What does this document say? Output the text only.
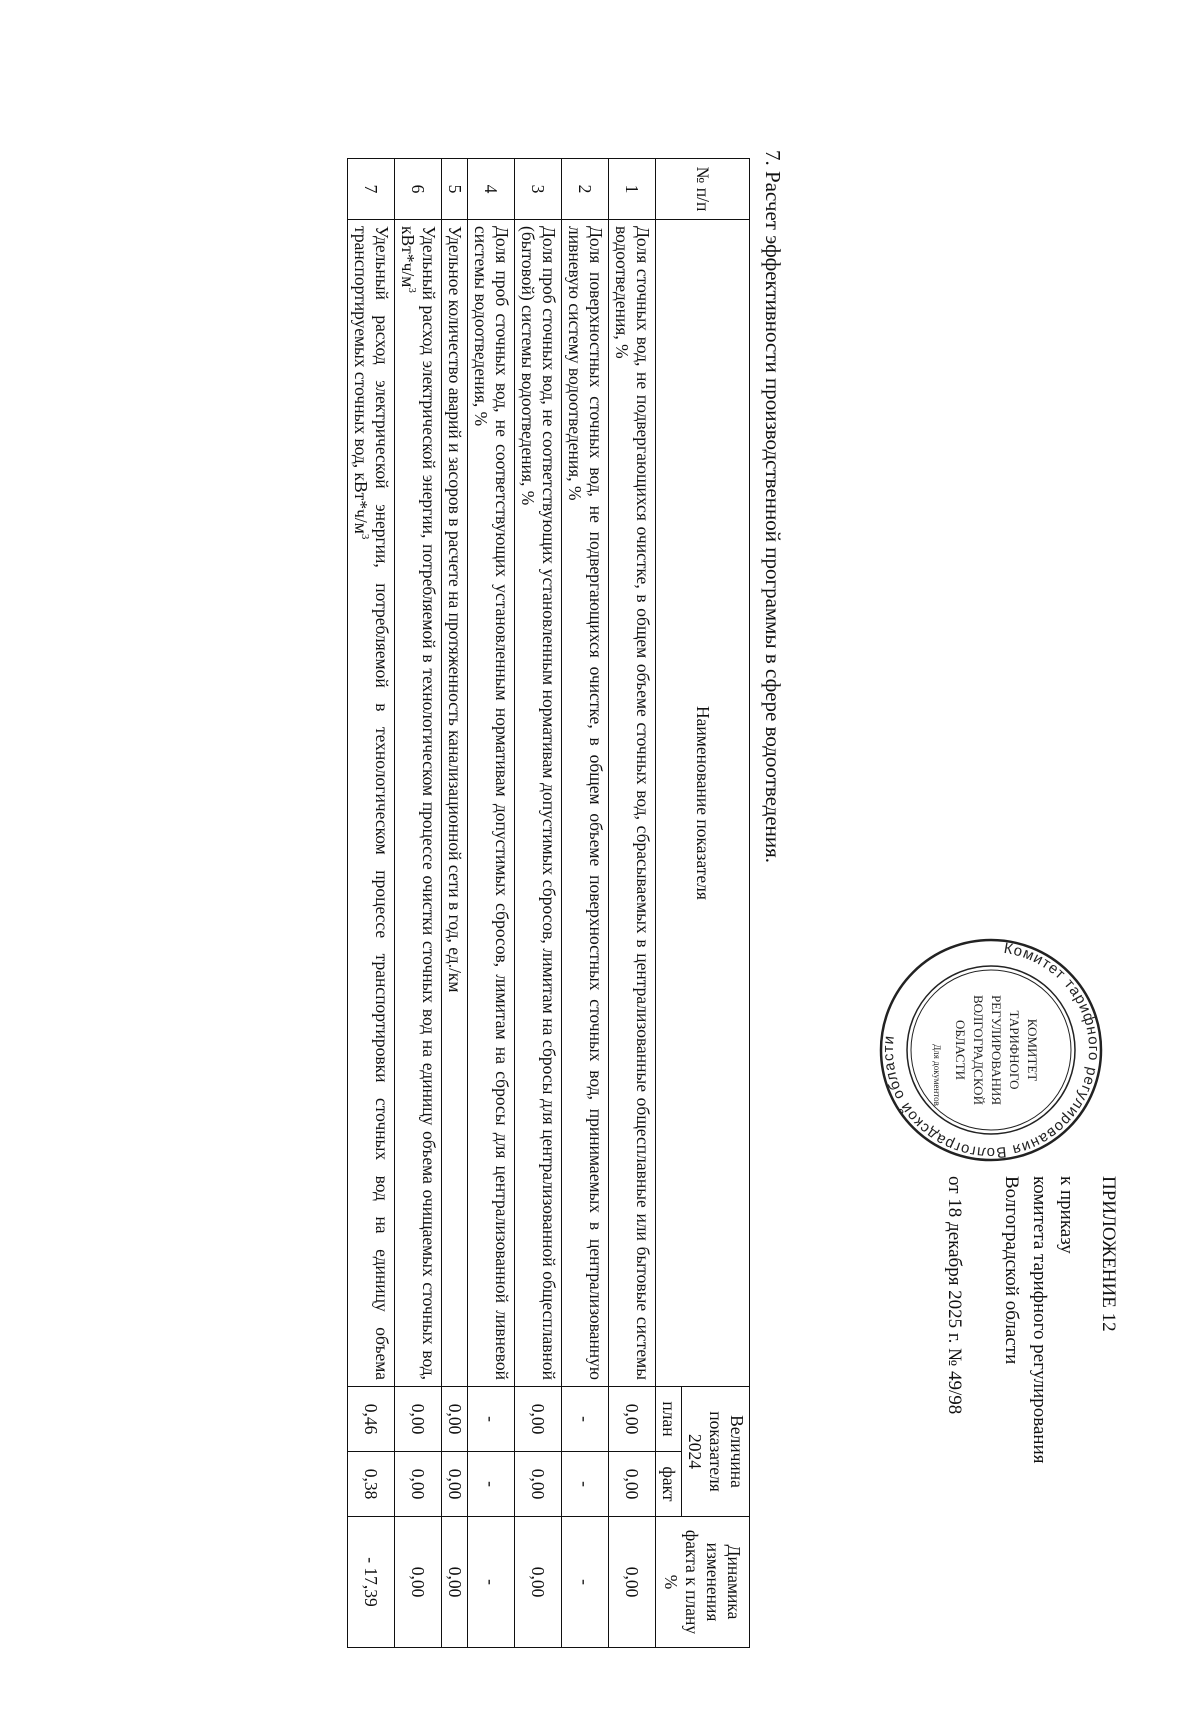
Комитет тарифного регулирования Волгоградской области	КОМИТЕТ
ТАРИФНОГО
РЕГУЛИРОВАНИЯ
ВОЛГОГРАДСКОЙ
ОБЛАСТИ
Для документов
ПРИЛОЖЕНИЕ 12
к приказу
комитета тарифного регулирования
Волгоградской области
от 18 декабря 2025 г. № 49/98
7. Расчет эффективности производственной программы в сфере водоотведения.
№ п/п	Наименование показателя	Величина показателя 2024		Динамика изменения факта к плану %
		план	факт	
1	Доля сточных вод, не подвергающихся очистке, в общем объеме сточных вод, сбрасываемых в централизованные общесплавные или бытовые системы водоотведения, %	0,00	0,00	0,00
2	Доля поверхностных сточных вод, не подвергающихся очистке, в общем объеме поверхностных сточных вод, принимаемых в централизованную ливневую систему водоотведения, %	-	-	-
3	Доля проб сточных вод, не соответствующих установленным нормативам допустимых сбросов, лимитам на сбросы для централизованной общесплавной (бытовой) системы водоотведения, %	0,00	0,00	0,00
4	Доля проб сточных вод, не соответствующих установленным нормативам допустимых сбросов, лимитам на сбросы для централизованной ливневой системы водоотведения, %	-	-	-
5	Удельное количество аварий и засоров в расчете на протяженность канализационной сети в год, ед./км	0,00	0,00	0,00
6	Удельный расход электрической энергии, потребляемой в технологическом процессе очистки сточных вод на единицу объема очищаемых сточных вод, $кВт*ч/м^3$	0,00	0,00	0,00
7	Удельный расход электрической энергии, потребляемой в технологическом процессе транспортировки сточных вод на единицу объема транспортируемых сточных вод, $кВт*ч/м^3$	0,46	0,38	- 17,39
